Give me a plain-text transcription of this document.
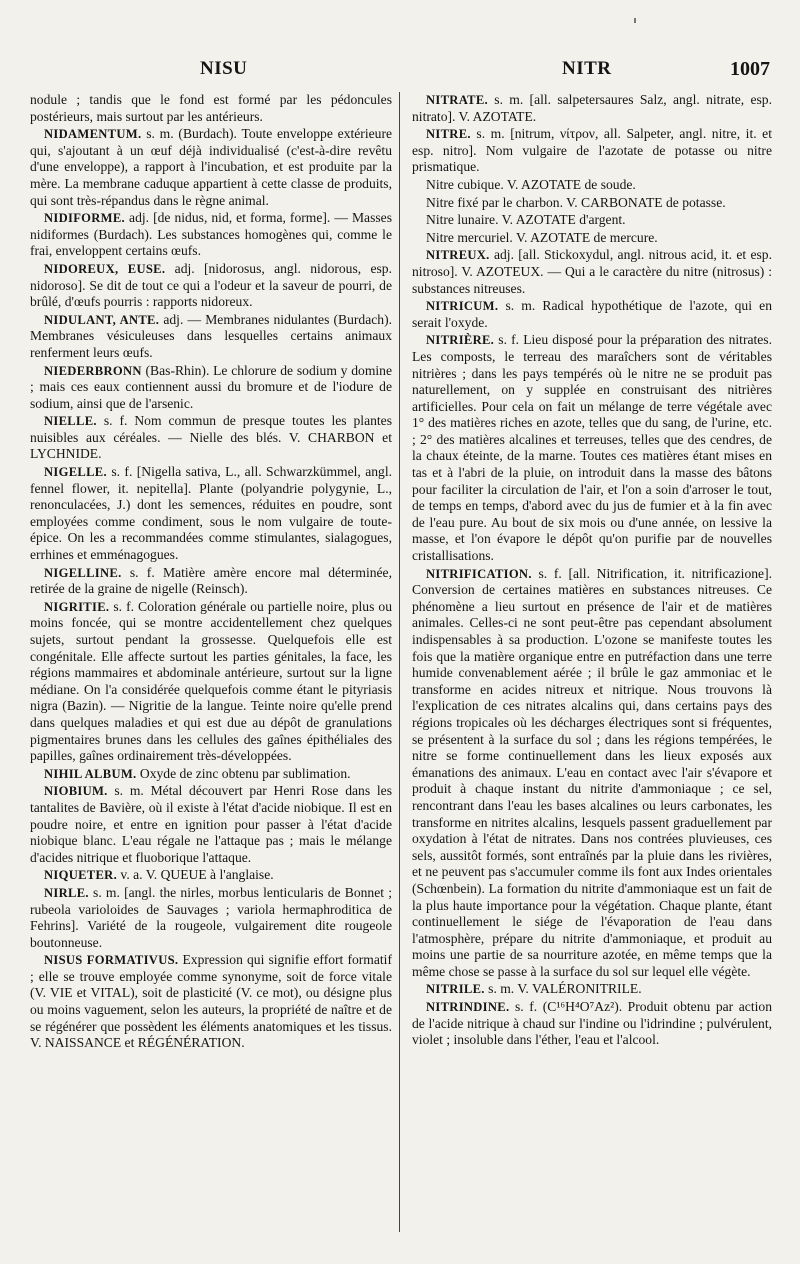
NISU	NITR	1007

nodule ; tandis que le fond est formé par les pédoncules postérieurs, mais surtout par les antérieurs.

NIDAMENTUM. s. m. (Burdach). Toute enveloppe extérieure qui, s'ajoutant à un œuf déjà individualisé (c'est-à-dire revêtu d'une enveloppe), a rapport à l'incubation, et est produite par la mère. La membrane caduque appartient à cette classe de produits, qui sont très-répandus dans le règne animal.

NIDIFORME. adj. [de nidus, nid, et forma, forme]. — Masses nidiformes (Burdach). Les substances homogènes qui, comme le frai, enveloppent certains œufs.

NIDOREUX, EUSE. adj. [nidorosus, angl. nidorous, esp. nidoroso]. Se dit de tout ce qui a l'odeur et la saveur de pourri, de brûlé, d'œufs pourris : rapports nidoreux.

NIDULANT, ANTE. adj. — Membranes nidulantes (Burdach). Membranes vésiculeuses dans lesquelles certains animaux renferment leurs œufs.

NIEDERBRONN (Bas-Rhin). Le chlorure de sodium y domine ; mais ces eaux contiennent aussi du bromure et de l'iodure de sodium, ainsi que de l'arsenic.

NIELLE. s. f. Nom commun de presque toutes les plantes nuisibles aux céréales. — Nielle des blés. V. CHARBON et LYCHNIDE.

NIGELLE. s. f. [Nigella sativa, L., all. Schwarzkümmel, angl. fennel flower, it. nepitella]. Plante (polyandrie polygynie, L., renonculacées, J.) dont les semences, réduites en poudre, sont employées comme condiment, sous le nom vulgaire de toute-épice. On les a recommandées comme stimulantes, sialagogues, errhines et emménagogues.

NIGELLINE. s. f. Matière amère encore mal déterminée, retirée de la graine de nigelle (Reinsch).

NIGRITIE. s. f. Coloration générale ou partielle noire, plus ou moins foncée, qui se montre accidentellement chez quelques sujets, surtout pendant la grossesse. Quelquefois elle est congénitale. Elle affecte surtout les parties génitales, la face, les régions mammaires et abdominale antérieure, surtout sur la ligne médiane. On l'a considérée quelquefois comme étant le pityriasis nigra (Bazin). — Nigritie de la langue. Teinte noire qu'elle prend dans quelques maladies et qui est due au dépôt de granulations pigmentaires brunes dans les cellules des gaînes épithéliales des papilles, gaînes ordinairement très-développées.

NIHIL ALBUM. Oxyde de zinc obtenu par sublimation.

NIOBIUM. s. m. Métal découvert par Henri Rose dans les tantalites de Bavière, où il existe à l'état d'acide niobique. Il est en poudre noire, et entre en ignition pour passer à l'état d'acide niobique blanc. L'eau régale ne l'attaque pas ; mais le mélange d'acides nitrique et fluoborique l'attaque.

NIQUETER. v. a. V. QUEUE à l'anglaise.

NIRLE. s. m. [angl. the nirles, morbus lenticularis de Bonnet ; rubeola varioloides de Sauvages ; variola hermaphroditica de Fehrins]. Variété de la rougeole, vulgairement dite rougeole boutonneuse.

NISUS FORMATIVUS. Expression qui signifie effort formatif ; elle se trouve employée comme synonyme, soit de force vitale (V. VIE et VITAL), soit de plasticité (V. ce mot), ou désigne plus ou moins vaguement, selon les auteurs, la propriété de naître et de se régénérer que possèdent les éléments anatomiques et les tissus. V. NAISSANCE et RÉGÉNÉRATION.

NITRATE. s. m. [all. salpetersaures Salz, angl. nitrate, esp. nitrato]. V. AZOTATE.

NITRE. s. m. [nitrum, νίτρον, all. Salpeter, angl. nitre, it. et esp. nitro]. Nom vulgaire de l'azotate de potasse ou nitre prismatique.

Nitre cubique. V. AZOTATE de soude.

Nitre fixé par le charbon. V. CARBONATE de potasse.

Nitre lunaire. V. AZOTATE d'argent.

Nitre mercuriel. V. AZOTATE de mercure.

NITREUX. adj. [all. Stickoxydul, angl. nitrous acid, it. et esp. nitroso]. V. AZOTEUX. — Qui a le caractère du nitre (nitrosus) : substances nitreuses.

NITRICUM. s. m. Radical hypothétique de l'azote, qui en serait l'oxyde.

NITRIÈRE. s. f. Lieu disposé pour la préparation des nitrates. Les composts, le terreau des maraîchers sont de véritables nitrières ; dans les pays tempérés où le nitre ne se produit pas naturellement, on y supplée en construisant des nitrières artificielles. Pour cela on fait un mélange de terre végétale avec 1° des matières riches en azote, telles que du sang, de l'urine, etc. ; 2° des matières alcalines et terreuses, telles que des cendres, de la chaux éteinte, de la marne. Toutes ces matières étant mises en tas et à l'abri de la pluie, on introduit dans la masse des bâtons pour faciliter la circulation de l'air, et l'on a soin d'arroser le tout, de temps en temps, d'abord avec du jus de fumier et à la fin avec de l'eau pure. Au bout de six mois ou d'une année, on lessive la masse, et l'on évapore le dépôt qu'on purifie par de nouvelles cristallisations.

NITRIFICATION. s. f. [all. Nitrification, it. nitrificazione]. Conversion de certaines matières en substances nitreuses. Ce phénomène a lieu surtout en présence de l'air et de matières animales. Celles-ci ne sont peut-être pas cependant absolument indispensables à sa production. L'ozone se manifeste toutes les fois que la matière organique entre en putréfaction dans une terre humide convenablement aérée ; il brûle le gaz ammoniac et le transforme en acides nitreux et nitrique. Nous trouvons là l'explication de ces nitrates alcalins qui, dans certains pays des régions tropicales où les décharges électriques sont si fréquentes, se présentent à la surface du sol ; dans les régions tempérées, le nitre se forme continuellement dans les lieux exposés aux émanations des animaux. L'eau en contact avec l'air s'évapore et produit à chaque instant du nitrite d'ammoniaque ; ce sel, rencontrant dans l'eau les bases alcalines ou leurs carbonates, les transforme en nitrites alcalins, lesquels passent graduellement par oxydation à l'état de nitrates. Dans nos contrées pluvieuses, ces sels, aussitôt formés, sont entraînés par la pluie dans les rivières, et ne peuvent pas s'accumuler comme ils font aux Indes orientales (Schœnbein). La formation du nitrite d'ammoniaque est un fait de la plus haute importance pour la végétation. Chaque plante, étant continuellement le siége de l'évaporation de l'eau dans l'atmosphère, prépare du nitrite d'ammoniaque, et produit au moins une partie de sa nourriture azotée, en même temps que la même chose se passe à la surface du sol sur lequel elle végète.

NITRILE. s. m. V. VALÉRONITRILE.

NITRINDINE. s. f. (C¹⁶H⁴O⁷Az²). Produit obtenu par action de l'acide nitrique à chaud sur l'indine ou l'idrindine ; pulvérulent, violet ; insoluble dans l'éther, l'eau et l'alcool.
